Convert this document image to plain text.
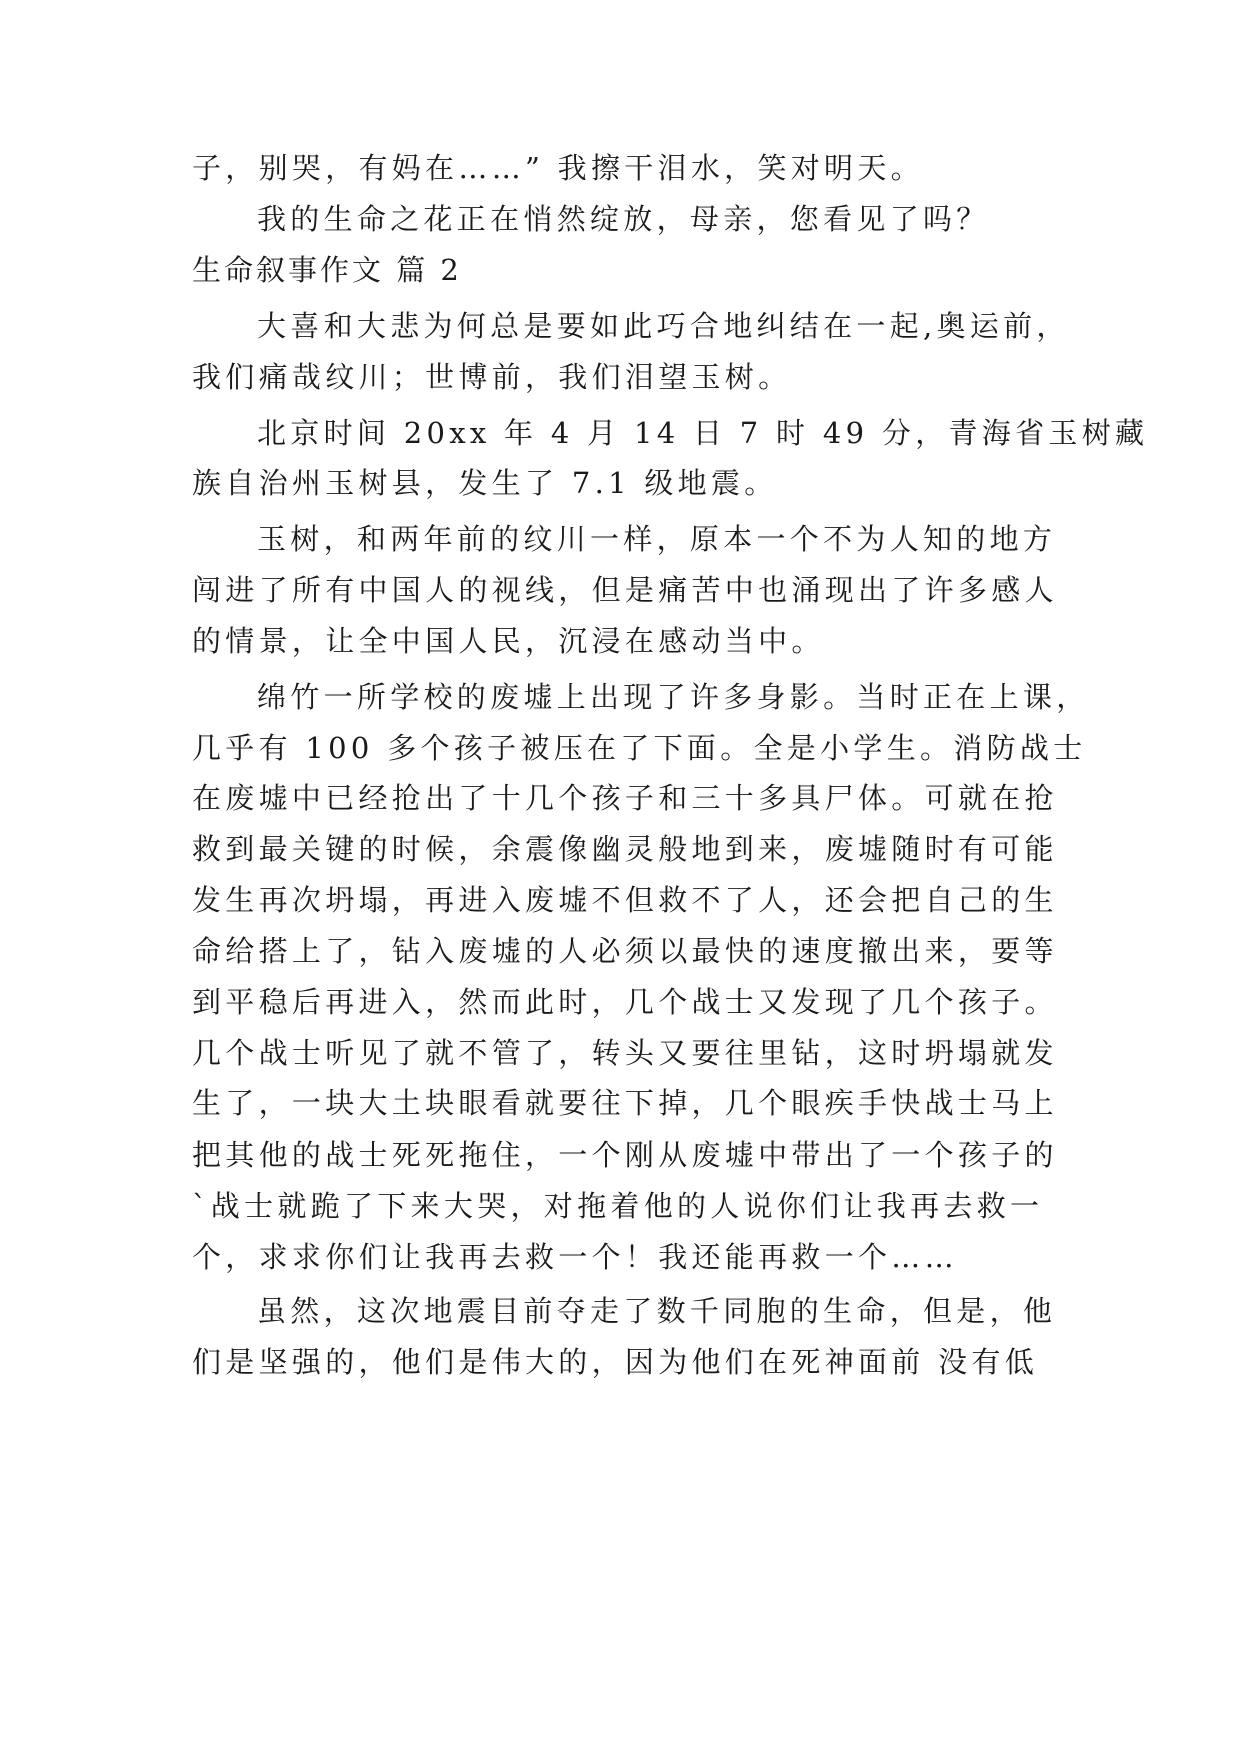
子，别哭，有妈在……” 我擦干泪水，笑对明天。
我的生命之花正在悄然绽放，母亲，您看见了吗？
生命叙事作文 篇 2
大喜和大悲为何总是要如此巧合地纠结在一起,奥运前，
我们痛哉纹川；世博前，我们泪望玉树。
北京时间 20xx 年 4 月 14 日 7 时 49 分，青海省玉树藏
族自治州玉树县，发生了 7.1 级地震。
玉树，和两年前的纹川一样，原本一个不为人知的地方
闯进了所有中国人的视线，但是痛苦中也涌现出了许多感人
的情景，让全中国人民，沉浸在感动当中。
绵竹一所学校的废墟上出现了许多身影。当时正在上课，
几乎有 100 多个孩子被压在了下面。全是小学生。消防战士
在废墟中已经抢出了十几个孩子和三十多具尸体。可就在抢
救到最关键的时候，余震像幽灵般地到来，废墟随时有可能
发生再次坍塌，再进入废墟不但救不了人，还会把自己的生
命给搭上了，钻入废墟的人必须以最快的速度撤出来，要等
到平稳后再进入，然而此时，几个战士又发现了几个孩子。
几个战士听见了就不管了，转头又要往里钻，这时坍塌就发
生了，一块大土块眼看就要往下掉，几个眼疾手快战士马上
把其他的战士死死拖住，一个刚从废墟中带出了一个孩子的
`战士就跪了下来大哭，对拖着他的人说你们让我再去救一
个，求求你们让我再去救一个！我还能再救一个……
虽然，这次地震目前夺走了数千同胞的生命，但是，他
们是坚强的，他们是伟大的，因为他们在死神面前 没有低
